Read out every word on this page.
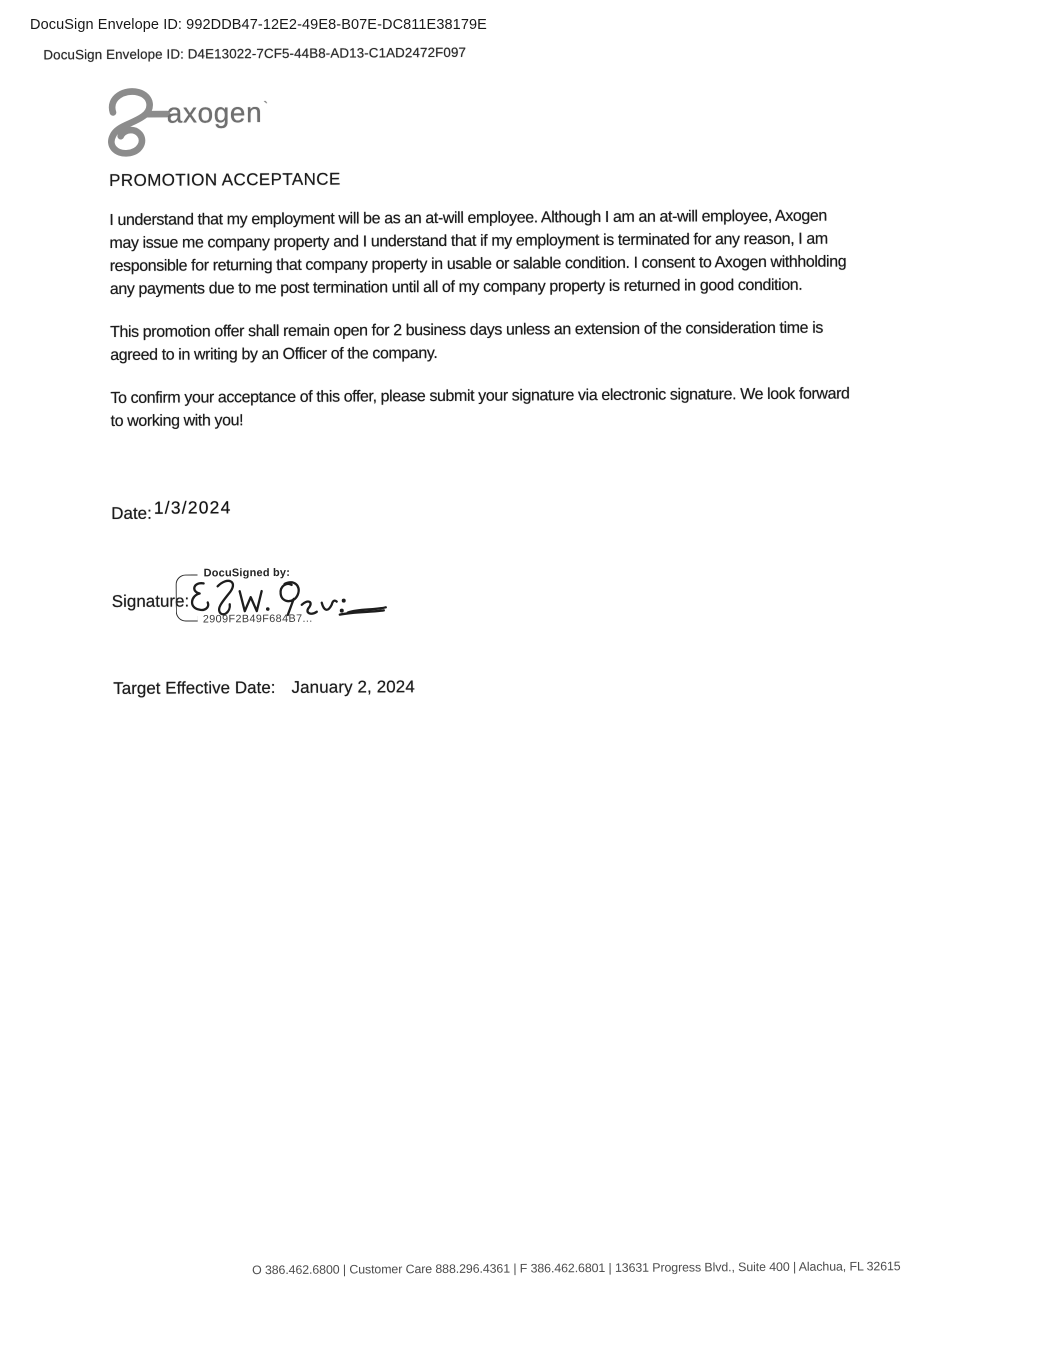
DocuSign Envelope ID: 992DDB47-12E2-49E8-B07E-DC811E38179E
DocuSign Envelope ID: D4E13022-7CF5-44B8-AD13-C1AD2472F097
axogen`
PROMOTION ACCEPTANCE
I understand that my employment will be as an at-will employee. Although I am an at-will employee, Axogen
may issue me company property and I understand that if my employment is terminated for any reason, I am
responsible for returning that company property in usable or salable condition. I consent to Axogen withholding
any payments due to me post termination until all of my company property is returned in good condition.
This promotion offer shall remain open for 2 business days unless an extension of the consideration time is
agreed to in writing by an Officer of the company.
To confirm your acceptance of this offer, please submit your signature via electronic signature. We look forward
to working with you!
Date: 1/3/2024
Signature:
DocuSigned by:
2909F2B49F684B7...
Target Effective Date: January 2, 2024
O 386.462.6800 | Customer Care 888.296.4361 | F 386.462.6801 | 13631 Progress Blvd., Suite 400 | Alachua, FL 32615
